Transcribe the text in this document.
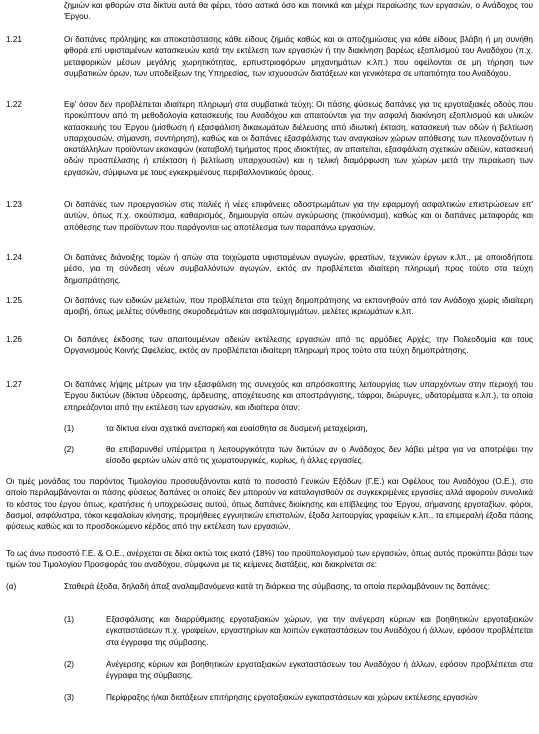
ζημιών και φθορών στα δίκτυα αυτά θα φέρει, τόσο αστικά όσο και ποινικά και μέχρι περαίωσης των εργασιών, ο Ανάδοχος του Έργου.

1.21	Οι δαπάνες πρόληψης και αποκατάστασης κάθε είδους ζημιάς καθώς και οι αποζημιώσεις για κάθε είδους βλάβη ή μη συνήθη φθορά επί υφισταμένων κατασκευών κατά την εκτέλεση των εργασιών ή την διακίνηση βαρέως εξοπλισμού του Αναδόχου (π.χ. μεταφορικών μέσων μεγάλης χωρητικότητας, ερπυστριοφόρων μηχανημάτων κ.λπ.) που οφείλονται σε μη τήρηση των συμβατικών όρων, των υποδείξεων της Υπηρεσίας, των ισχυουσών διατάξεων και γενικότερα σε υπαιτιότητα του Αναδόχου.

1.22	Εφ' όσον δεν προβλέπεται ιδιαίτερη πληρωμή στα συμβατικά τεύχη: Οι πάσης φύσεως δαπάνες για τις εργοταξιακές οδούς που προκύπτουν από τη μεθοδολογία κατασκευής του Αναδόχου και απαιτούνται για την ασφαλή διακίνηση εξοπλισμού και υλικών κατασκευής του Έργου (μίσθωση ή εξασφάλιση δικαιωμάτων διέλευσης από ιδιωτική έκταση, κατασκευή των οδών ή βελτίωση υπαρχουσών, σήμανση, συντήρηση), καθώς και οι δαπάνες εξασφάλισης των αναγκαίων χώρων απόθεσης των πλεοναζόντων ή ακατάλληλων προϊόντων εκσκαφών (καταβολή τιμήματος προς ιδιοκτήτες, αν απαιτείται, εξασφάλιση σχετικών αδειών, κατασκευή οδών προσπέλασης ή επέκταση ή βελτίωση υπαρχουσών) και η τελική διαμόρφωση των χώρων μετά την περαίωση των εργασιών, σύμφωνα με τους εγκεκριμένους περιβαλλοντικούς όρους.

1.23	Οι δαπάνες των προεργασιών στις παλιές ή νέες επιφάνειες οδοστρωμάτων για την εφαρμογή ασφαλτικών επιστρώσεων επ' αυτών, όπως π.χ. σκούπισμα, καθαρισμός, δημιουργία οπών αγκύρωσης (πικούνισμα), καθώς και οι δαπάνες μεταφοράς και απόθεσης των προϊόντων που παράγονται ως αποτέλεσμα των παραπάνω εργασιών.

1.24	Οι δαπάνες διάνοιξης τομών ή οπών στα τοιχώματα υφισταμένων αγωγών, φρεατίων, τεχνικών έργων κ.λπ., με οποιοδήποτε μέσο, για τη σύνδεση νέων συμβαλλόντων αγωγών, εκτός αν προβλέπεται ιδιαίτερη πληρωμή προς τούτο στα τεύχη δημοπράτησης.

1.25	Οι δαπάνες των ειδικών μελετών, που προβλέπεται στα τεύχη δημοπράτησης να εκπονηθούν από τον Ανάδοχο χωρίς ιδιαίτερη αμοιβή, όπως μελέτες σύνθεσης σκυροδεμάτων και ασφαλτομιγμάτων, μελέτες ικριωμάτων κ.λπ.

1.26	Οι δαπάνες έκδοσης των απαιτουμένων αδειών εκτέλεσης εργασιών από τις αρμόδιες Αρχές, την Πολεοδομία και τους Οργανισμούς Κοινής Ωφελείας, εκτός αν προβλέπεται ιδιαίτερη πληρωμή προς τούτο στα τεύχη δημοπράτησης.

1.27	Οι δαπάνες λήψης μέτρων για την εξασφάλιση της συνεχούς και απρόσκοπτης λειτουργίας των υπαρχόντων στην περιοχή του Έργου δικτύων (δίκτυα ύδρευσης, άρδευσης, αποχέτευσης και αποστράγγισης, τάφροι, διώρυγες, υδατορέματα κ.λπ.), τα οποία επηρεάζονται από την εκτέλεση των εργασιών, και ιδιαίτερα όταν:

(1)	τα δίκτυα είναι σχετικά ανεπαρκή και ευαίσθητα σε δυσμενή μεταχείριση,

(2)	θα επιβαρυνθεί υπέρμετρα η λειτουργικότητα των δικτύων αν ο Ανάδοχος δεν λάβει μέτρα για να αποτρέψει την είσοδο φερτών υλών από τις χωματουργικές, κυρίως, ή άλλες εργασίες.

Οι τιμές μονάδας του παρόντος Τιμολογίου προσαυξάνονται κατά το ποσοστό Γενικών Εξόδων (Γ.Ε.) και Οφέλους του Αναδόχου (Ο.Ε.), στο οποίο περιλαμβάνονται οι πάσης φύσεως δαπάνες οι οποίες δεν μπορούν να καταλογισθούν σε συγκεκριμένες εργασίες αλλά αφορούν συνολικά το κόστος του έργου όπως, κρατήσεις ή υποχρεώσεις αυτού, όπως δαπάνες διοίκησης και επίβλεψης του Έργου, σήμανσης εργοταξίων, φόροι, δασμοί, ασφάλιστρα, τόκοι κεφαλαίων κίνησης, προμήθειες εγγυητικών επιστολών, έξοδα λειτουργίας γραφείων κ.λπ., τα επιμεραλή έξοδα πάσης φύσεως καθώς και το προσδοκώμενο κέρδος από την εκτέλεση των εργασιών.

Το ως άνω ποσοστό Γ.Ε. & Ο.Ε., ανέρχεται σε δέκα οκτώ τοις εκατό (18%) του προϋπολογισμού των εργασιών, όπως αυτός προκύπτει βάσει των τιμών του Τιμολογίου Προσφοράς του αναδόχου, σύμφωνα με τις κείμενες διατάξεις, και διακρίνεται σε:

(α)	Σταθερά έξοδα, δηλαδή άπαξ αναλαμβανόμενα κατά τη διάρκεια της σύμβασης, τα οποία περιλαμβάνουν τις δαπάνες:

(1)	Εξασφάλισης και διαρρύθμισης εργοταξιακών χώρων, για την ανέγερση κύριων και βοηθητικών εργοταξιακών εγκαταστάσεων π.χ. γραφείων, εργαστηρίων και λοιπών εγκαταστάσεων του Αναδόχου ή άλλων, εφόσον προβλέπεται στα έγγραφα της σύμβασης.

(2)	Ανέγερσης κύριων και βοηθητικών εργοταξιακών εγκαταστάσεων του Αναδόχου ή άλλων, εφόσον προβλέπεται στα έγγραφα της σύμβασης.

(3)	Περίφραξης ή/και διατάξεων επιτήρησης εργοταξιακών εγκαταστάσεων και χώρων εκτέλεσης εργασιών
